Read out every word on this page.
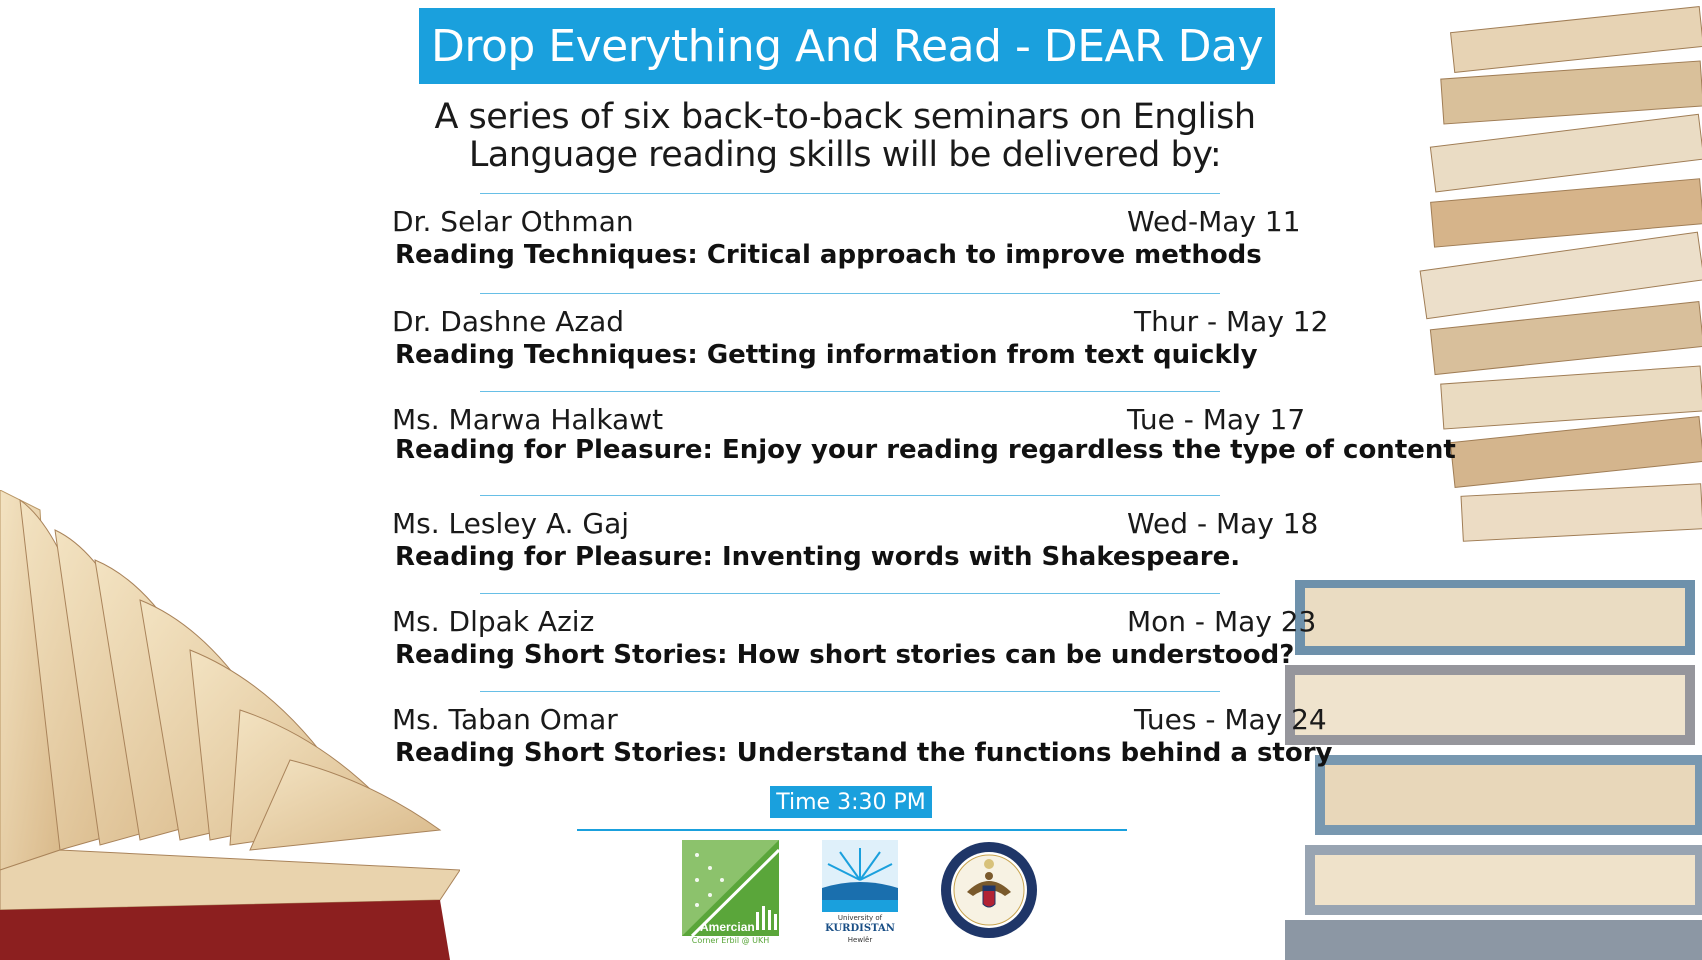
Drop Everything And Read - DEAR Day
A series of six back-to-back seminars on English Language reading skills will be delivered by:
Dr. Selar Othman	Wed-May 11
Reading Techniques: Critical approach to improve methods
Dr. Dashne Azad	Thur - May 12
Reading Techniques: Getting information from text quickly
Ms. Marwa Halkawt	Tue - May 17
Reading for Pleasure: Enjoy your reading regardless the type of content
Ms. Lesley A. Gaj	Wed - May 18
Reading for Pleasure: Inventing words with Shakespeare.
Ms. Dlpak Aziz	Mon - May 23
Reading Short Stories: How short stories can be understood?
Ms. Taban Omar	Tues - May 24
Reading Short Stories: Understand the functions behind a story
Time 3:30 PM
Amercian
Corner Erbil @ UKH
University of
KURDISTAN
Hewlêr
